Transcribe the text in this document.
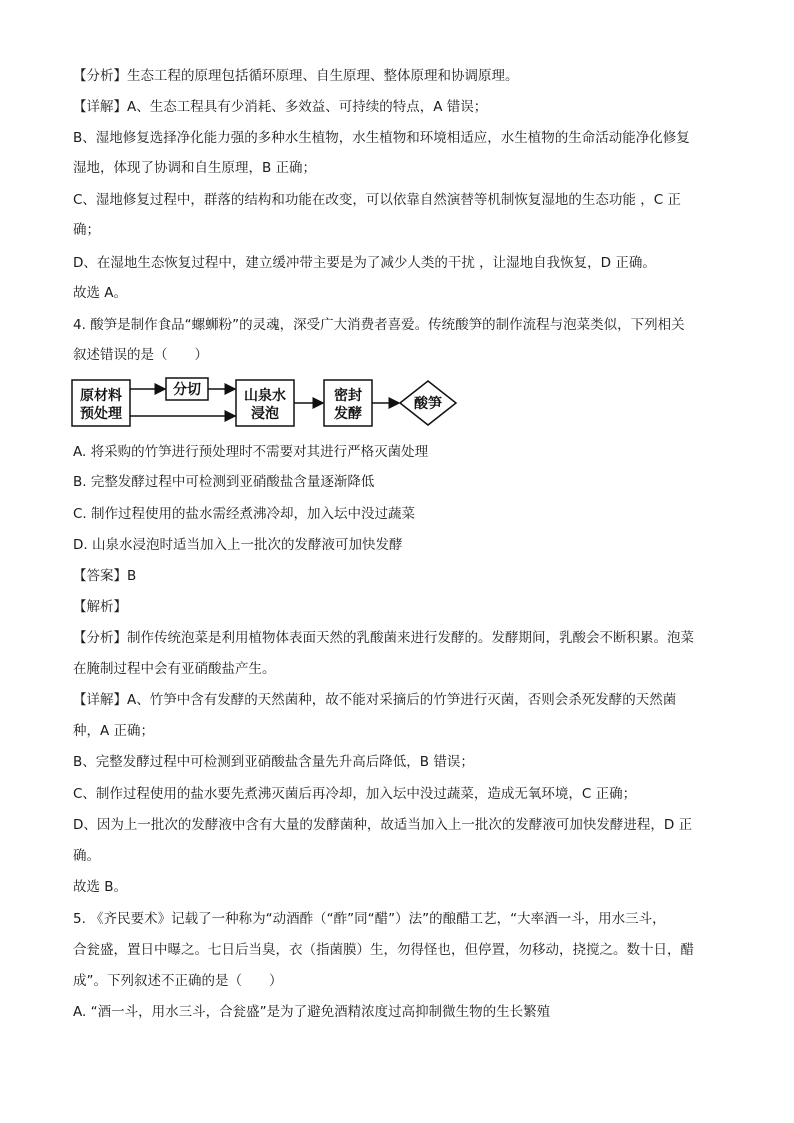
【分析】生态工程的原理包括循环原理、自生原理、整体原理和协调原理。
【详解】A、生态工程具有少消耗、多效益、可持续的特点，A 错误；
B、湿地修复选择净化能力强的多种水生植物，水生植物和环境相适应，水生植物的生命活动能净化修复
湿地，体现了协调和自生原理，B 正确；
C、湿地修复过程中，群落的结构和功能在改变，可以依靠自然演替等机制恢复湿地的生态功能 ，C 正
确；
D、在湿地生态恢复过程中，建立缓冲带主要是为了减少人类的干扰 ，让湿地自我恢复，D 正确。
故选 A。
4. 酸笋是制作食品“螺蛳粉”的灵魂，深受广大消费者喜爱。传统酸笋的制作流程与泡菜类似，下列相关
叙述错误的是（　　）
原材料
预处理
分切	山泉水
浸泡
密封
发酵
酸笋
A. 将采购的竹笋进行预处理时不需要对其进行严格灭菌处理
B. 完整发酵过程中可检测到亚硝酸盐含量逐渐降低
C. 制作过程使用的盐水需经煮沸冷却，加入坛中没过蔬菜
D. 山泉水浸泡时适当加入上一批次的发酵液可加快发酵
【答案】B
【解析】
【分析】制作传统泡菜是利用植物体表面天然的乳酸菌来进行发酵的。发酵期间，乳酸会不断积累。泡菜
在腌制过程中会有亚硝酸盐产生。
【详解】A、竹笋中含有发酵的天然菌种，故不能对采摘后的竹笋进行灭菌，否则会杀死发酵的天然菌
种，A 正确；
B、完整发酵过程中可检测到亚硝酸盐含量先升高后降低，B 错误；
C、制作过程使用的盐水要先煮沸灭菌后再冷却，加入坛中没过蔬菜，造成无氧环境，C 正确；
D、因为上一批次的发酵液中含有大量的发酵菌种，故适当加入上一批次的发酵液可加快发酵进程，D 正
确。
故选 B。
5. 《齐民要术》记载了一种称为“动酒酢（“酢”同“醋”）法”的酿醋工艺，“大率酒一斗，用水三斗，
合瓮盛，置日中曝之。七日后当臭，衣（指菌膜）生，勿得怪也，但停置，勿移动，挠搅之。数十日，醋
成”。下列叙述不正确的是（　　）
A. “酒一斗，用水三斗，合瓮盛”是为了避免酒精浓度过高抑制微生物的生长繁殖
